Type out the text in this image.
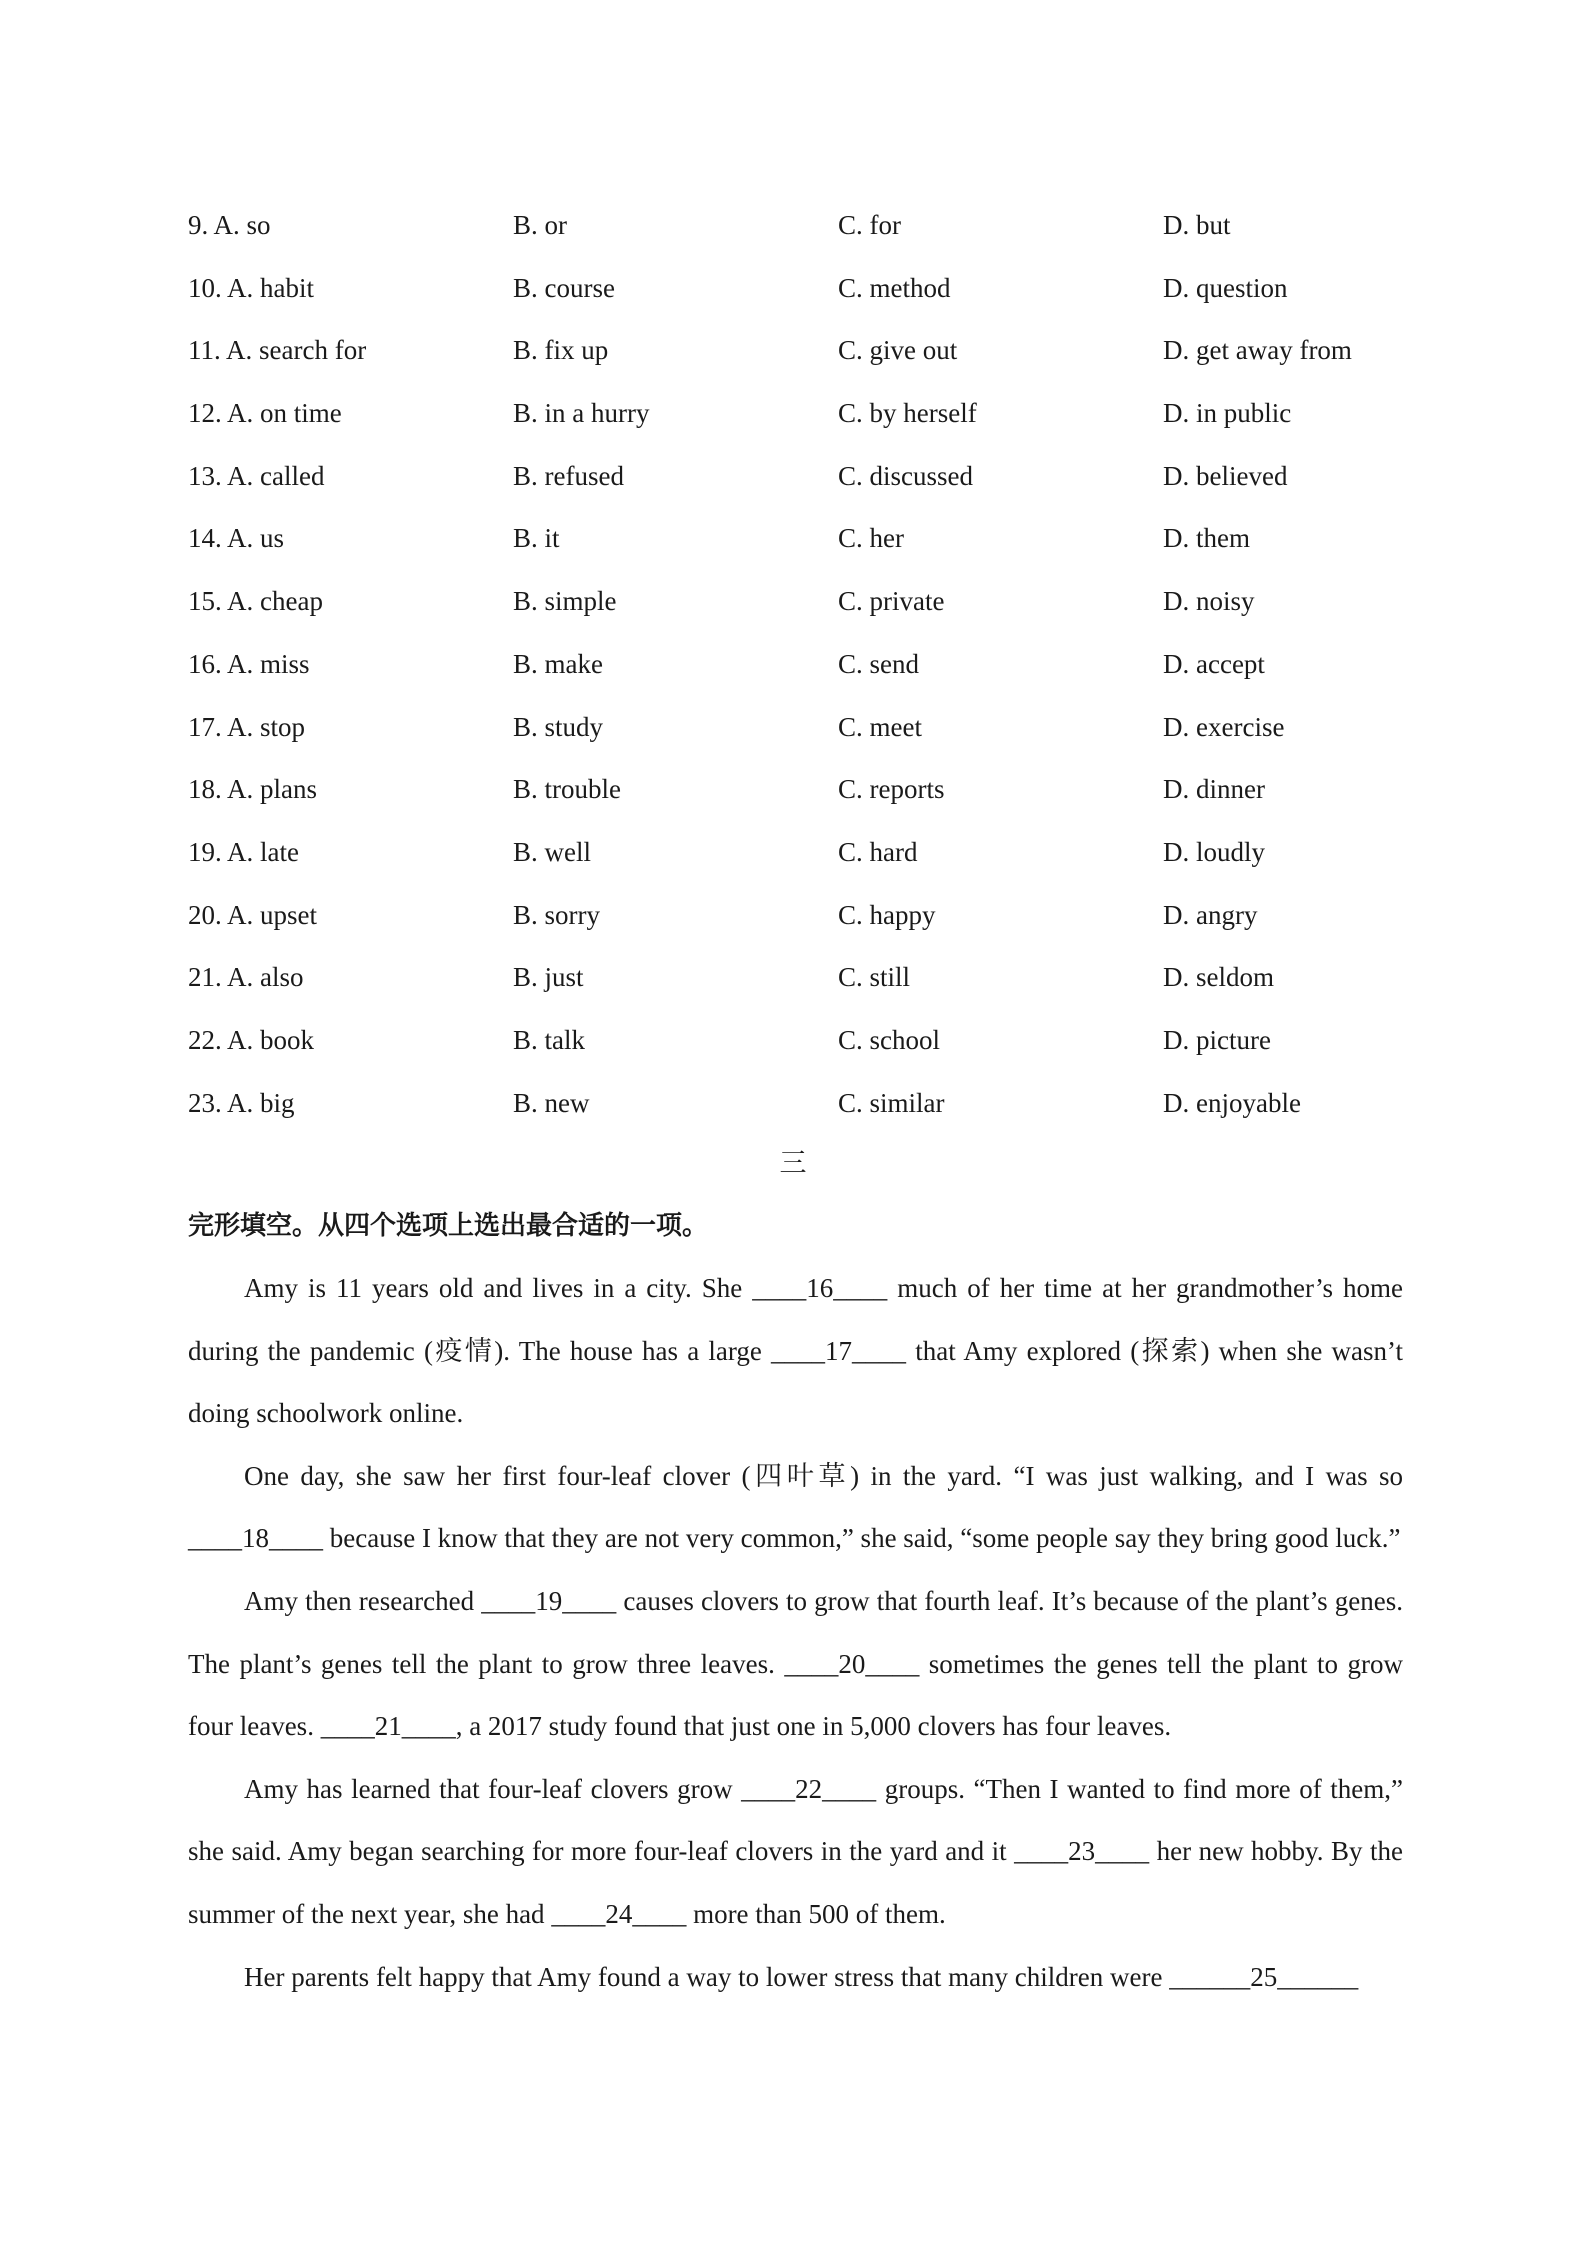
9. A. so	B. or	C. for	D. but
10. A. habit	B. course	C. method	D. question
11. A. search for	B. fix up	C. give out	D. get away from
12. A. on time	B. in a hurry	C. by herself	D. in public
13. A. called	B. refused	C. discussed	D. believed
14. A. us	B. it	C. her	D. them
15. A. cheap	B. simple	C. private	D. noisy
16. A. miss	B. make	C. send	D. accept
17. A. stop	B. study	C. meet	D. exercise
18. A. plans	B. trouble	C. reports	D. dinner
19. A. late	B. well	C. hard	D. loudly
20. A. upset	B. sorry	C. happy	D. angry
21. A. also	B. just	C. still	D. seldom
22. A. book	B. talk	C. school	D. picture
23. A. big	B. new	C. similar	D. enjoyable
三
完形填空。从四个选项上选出最合适的一项。

Amy is 11 years old and lives in a city. She ____16____ much of her time at her grandmother’s home during the pandemic (疫情). The house has a large ____17____ that Amy explored (探索) when she wasn’t doing schoolwork online.

One day, she saw her first four-leaf clover (四叶草) in the yard. “I was just walking, and I was so ____18____ because I know that they are not very common,” she said, “some people say they bring good luck.”

Amy then researched ____19____ causes clovers to grow that fourth leaf. It’s because of the plant’s genes. The plant’s genes tell the plant to grow three leaves. ____20____ sometimes the genes tell the plant to grow four leaves. ____21____, a 2017 study found that just one in 5,000 clovers has four leaves.

Amy has learned that four-leaf clovers grow ____22____ groups. “Then I wanted to find more of them,” she said. Amy began searching for more four-leaf clovers in the yard and it ____23____ her new hobby. By the summer of the next year, she had ____24____ more than 500 of them.

Her parents felt happy that Amy found a way to lower stress that many children were ______25______
